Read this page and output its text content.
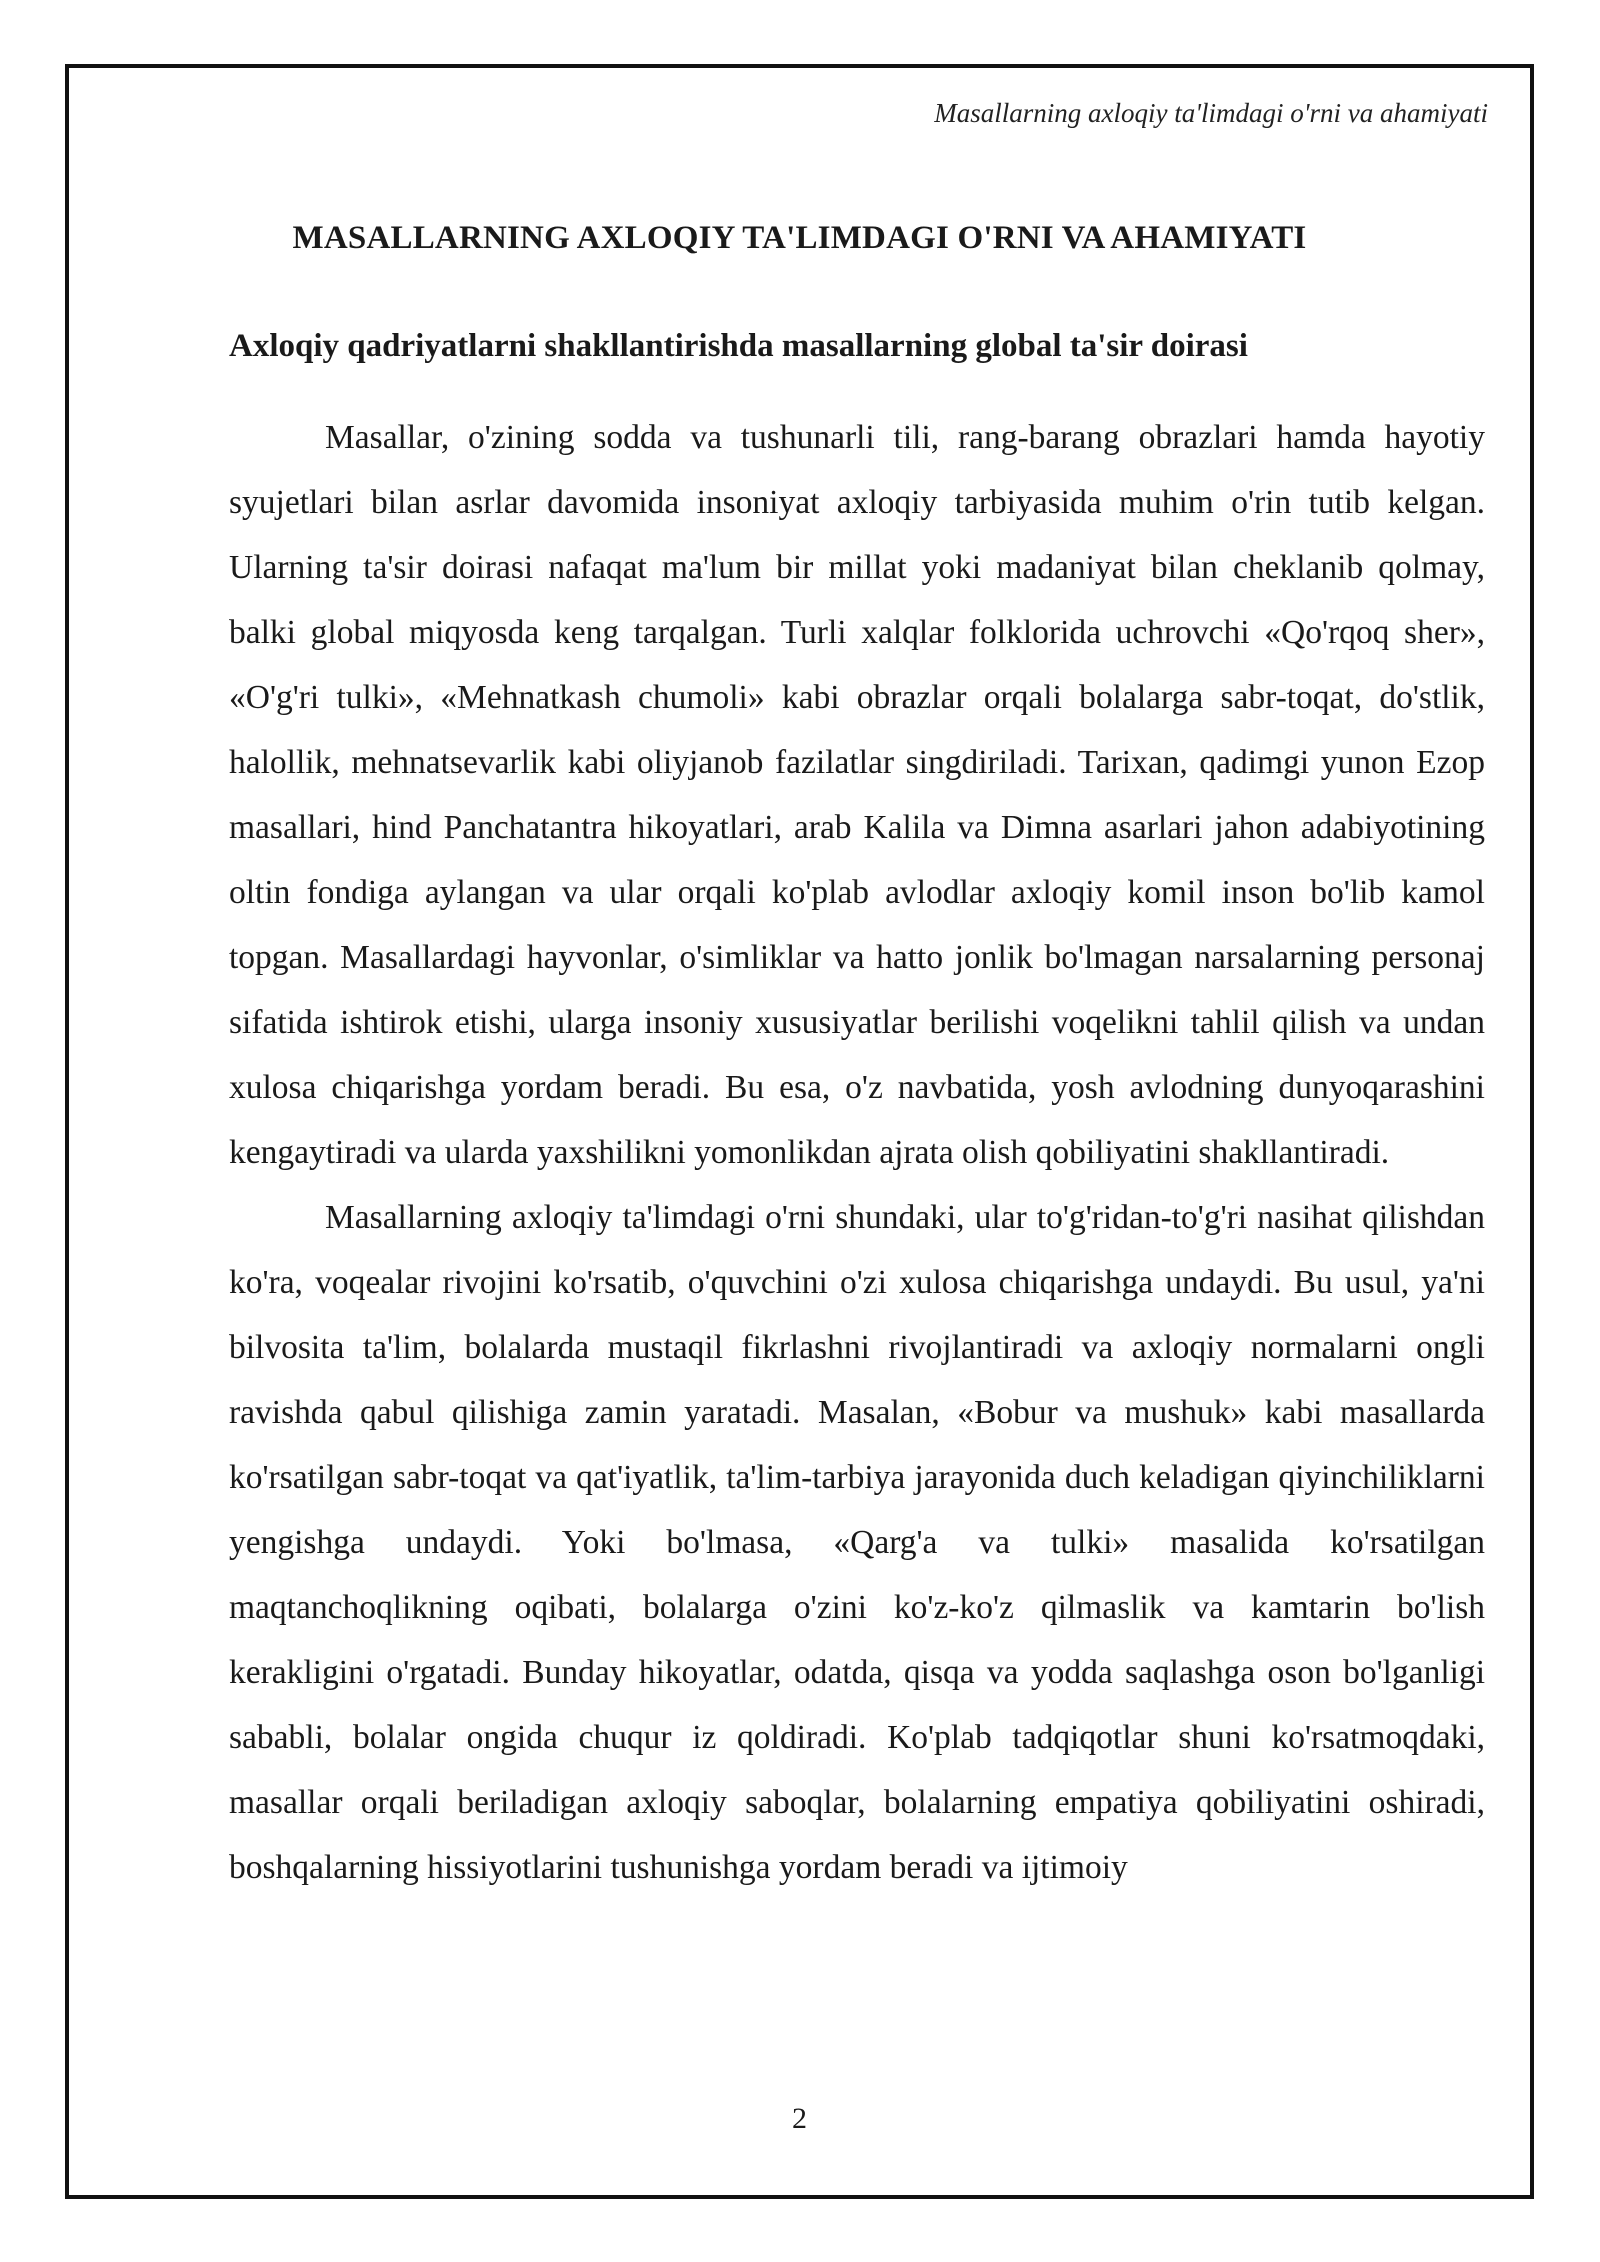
Masallarning axloqiy ta'limdagi o'rni va ahamiyati
MASALLARNING AXLOQIY TA'LIMDAGI O'RNI VA AHAMIYATI
Axloqiy qadriyatlarni shakllantirishda masallarning global ta'sir doirasi

Masallar, o'zining sodda va tushunarli tili, rang-barang obrazlari hamda hayotiy syujetlari bilan asrlar davomida insoniyat axloqiy tarbiyasida muhim o'rin tutib kelgan. Ularning ta'sir doirasi nafaqat ma'lum bir millat yoki madaniyat bilan cheklanib qolmay, balki global miqyosda keng tarqalgan. Turli xalqlar folklorida uchrovchi «Qo'rqoq sher», «O'g'ri tulki», «Mehnatkash chumoli» kabi obrazlar orqali bolalarga sabr-toqat, do'stlik, halollik, mehnatsevarlik kabi oliyjanob fazilatlar singdiriladi. Tarixan, qadimgi yunon Ezop masallari, hind Panchatantra hikoyatlari, arab Kalila va Dimna asarlari jahon adabiyotining oltin fondiga aylangan va ular orqali ko'plab avlodlar axloqiy komil inson bo'lib kamol topgan. Masallardagi hayvonlar, o'simliklar va hatto jonlik bo'lmagan narsalarning personaj sifatida ishtirok etishi, ularga insoniy xususiyatlar berilishi voqelikni tahlil qilish va undan xulosa chiqarishga yordam beradi. Bu esa, o'z navbatida, yosh avlodning dunyoqarashini kengaytiradi va ularda yaxshilikni yomonlikdan ajrata olish qobiliyatini shakllantiradi.

Masallarning axloqiy ta'limdagi o'rni shundaki, ular to'g'ridan-to'g'ri nasihat qilishdan ko'ra, voqealar rivojini ko'rsatib, o'quvchini o'zi xulosa chiqarishga undaydi. Bu usul, ya'ni bilvosita ta'lim, bolalarda mustaqil fikrlashni rivojlantiradi va axloqiy normalarni ongli ravishda qabul qilishiga zamin yaratadi. Masalan, «Bobur va mushuk» kabi masallarda ko'rsatilgan sabr-toqat va qat'iyatlik, ta'lim-tarbiya jarayonida duch keladigan qiyinchiliklarni yengishga undaydi. Yoki bo'lmasa, «Qarg'a va tulki» masalida ko'rsatilgan maqtanchoqlikning oqibati, bolalarga o'zini ko'z-ko'z qilmaslik va kamtarin bo'lish kerakligini o'rgatadi. Bunday hikoyatlar, odatda, qisqa va yodda saqlashga oson bo'lganligi sababli, bolalar ongida chuqur iz qoldiradi. Ko'plab tadqiqotlar shuni ko'rsatmoqdaki, masallar orqali beriladigan axloqiy saboqlar, bolalarning empatiya qobiliyatini oshiradi, boshqalarning hissiyotlarini tushunishga yordam beradi va ijtimoiy

2
